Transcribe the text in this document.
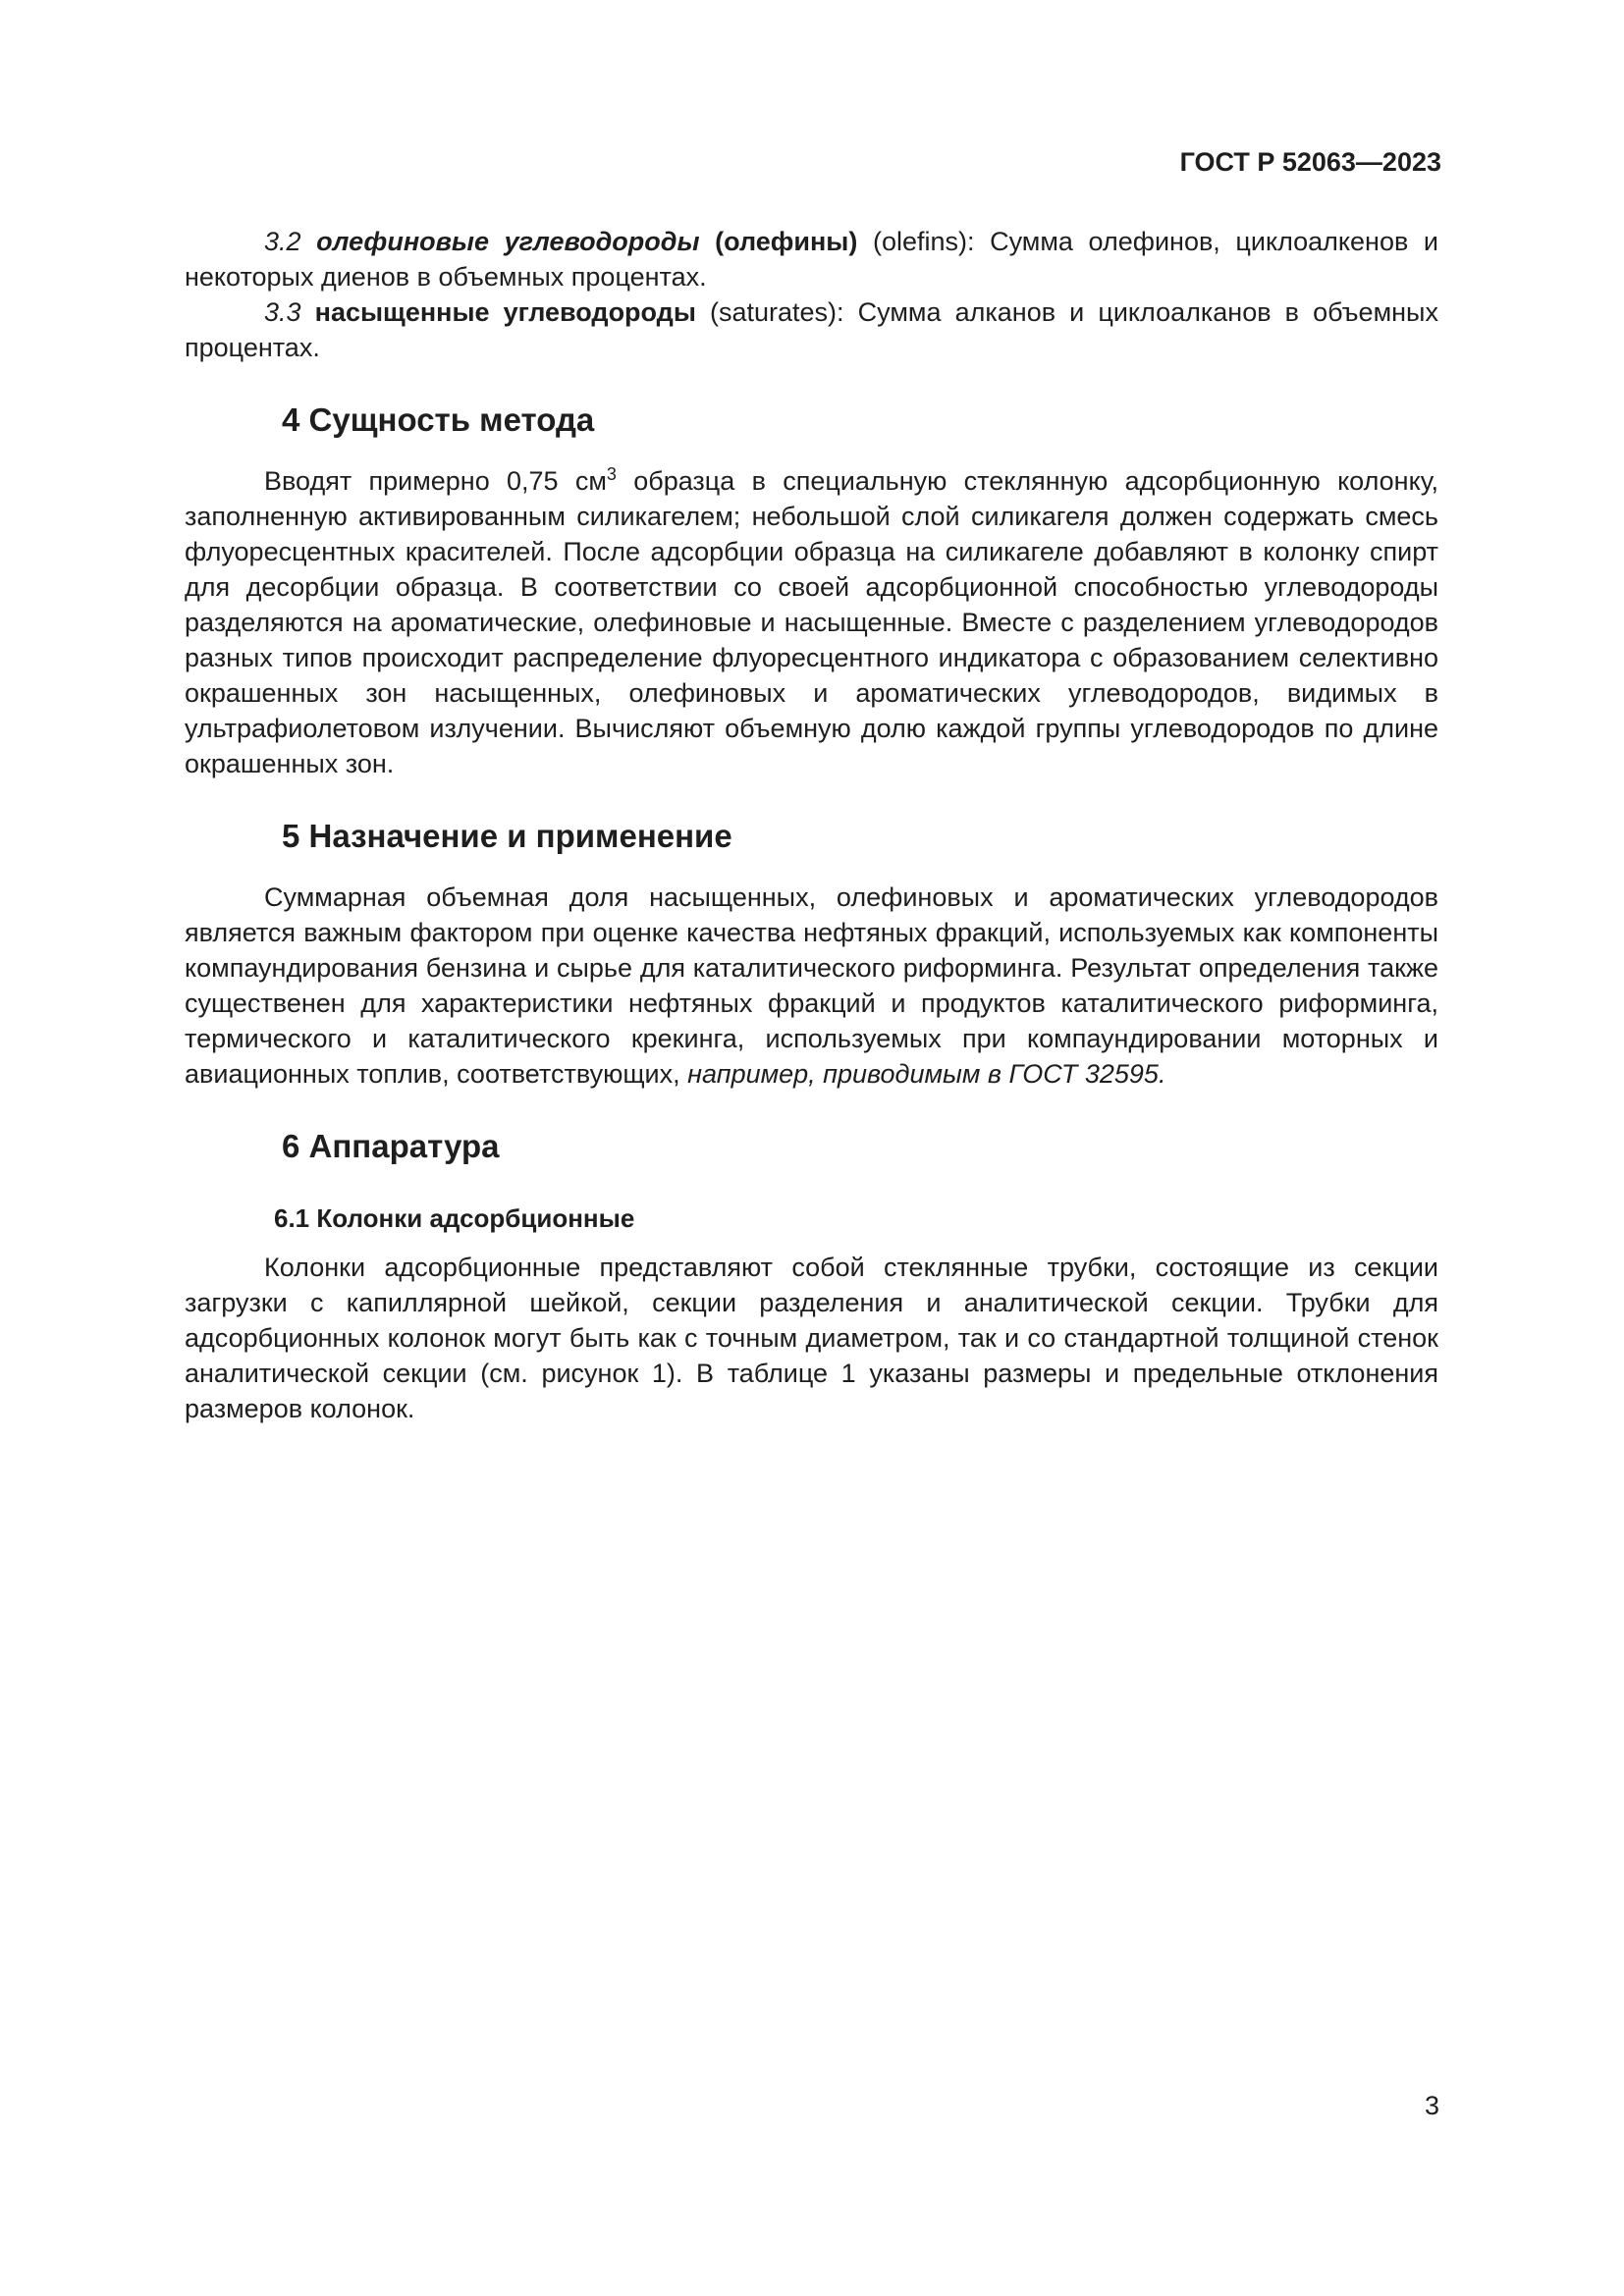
ГОСТ Р 52063—2023

3.2 олефиновые углеводороды (олефины) (olefins): Сумма олефинов, циклоалкенов и некоторых диенов в объемных процентах.

3.3 насыщенные углеводороды (saturates): Сумма алканов и циклоалканов в объемных процентах.

4 Сущность метода

Вводят примерно 0,75 $см^3$ образца в специальную стеклянную адсорбционную колонку, заполненную активированным силикагелем; небольшой слой силикагеля должен содержать смесь флуоресцентных красителей. После адсорбции образца на силикагеле добавляют в колонку спирт для десорбции образца. В соответствии со своей адсорбционной способностью углеводороды разделяются на ароматические, олефиновые и насыщенные. Вместе с разделением углеводородов разных типов происходит распределение флуоресцентного индикатора с образованием селективно окрашенных зон насыщенных, олефиновых и ароматических углеводородов, видимых в ультрафиолетовом излучении. Вычисляют объемную долю каждой группы углеводородов по длине окрашенных зон.

5 Назначение и применение

Суммарная объемная доля насыщенных, олефиновых и ароматических углеводородов является важным фактором при оценке качества нефтяных фракций, используемых как компоненты компаундирования бензина и сырье для каталитического риформинга. Результат определения также существенен для характеристики нефтяных фракций и продуктов каталитического риформинга, термического и каталитического крекинга, используемых при компаундировании моторных и авиационных топлив, соответствующих, например, приводимым в ГОСТ 32595.

6 Аппаратура
6.1 Колонки адсорбционные

Колонки адсорбционные представляют собой стеклянные трубки, состоящие из секции загрузки с капиллярной шейкой, секции разделения и аналитической секции. Трубки для адсорбционных колонок могут быть как с точным диаметром, так и со стандартной толщиной стенок аналитической секции (см. рисунок 1). В таблице 1 указаны размеры и предельные отклонения размеров колонок.

3
